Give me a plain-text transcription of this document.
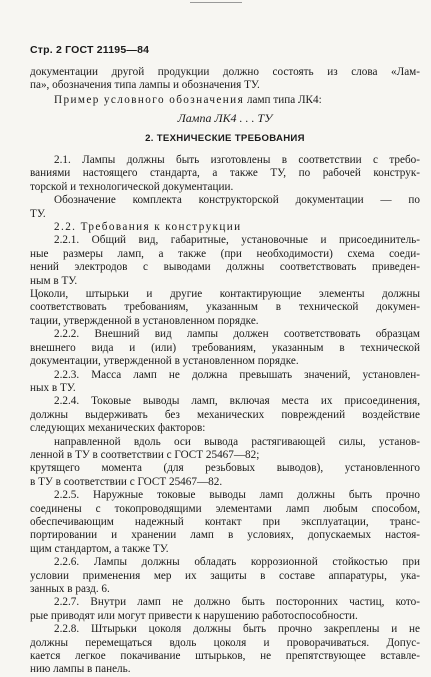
Стр. 2 ГОСТ 21195—84
документации другой продукции должно состоять из слова «Лам-
па», обозначения типа лампы и обозначения ТУ.
Пример условного обозначения ламп типа ЛК4:
Лампа ЛК4 . . . ТУ
2. ТЕХНИЧЕСКИЕ ТРЕБОВАНИЯ
2.1. Лампы должны быть изготовлены в соответствии с требо-
ваниями настоящего стандарта, а также ТУ, по рабочей конструк-
торской и технологической документации.
Обозначение комплекта конструкторской документации — по
ТУ.
2.2. Требования к конструкции
2.2.1. Общий вид, габаритные, установочные и присоединитель-
ные размеры ламп, а также (при необходимости) схема соеди-
нений электродов с выводами должны соответствовать приведен-
ным в ТУ.
Цоколи, штырьки и другие контактирующие элементы должны
соответствовать требованиям, указанным в технической докумен-
тации, утвержденной в установленном порядке.
2.2.2. Внешний вид лампы должен соответствовать образцам
внешнего вида и (или) требованиям, указанным в технической
документации, утвержденной в установленном порядке.
2.2.3. Масса ламп не должна превышать значений, установлен-
ных в ТУ.
2.2.4. Токовые выводы ламп, включая места их присоединения,
должны выдерживать без механических повреждений воздействие
следующих механических факторов:
направленной вдоль оси вывода растягивающей силы, установ-
ленной в ТУ в соответствии с ГОСТ 25467—82;
крутящего момента (для резьбовых выводов), установленного
в ТУ в соответствии с ГОСТ 25467—82.
2.2.5. Наружные токовые выводы ламп должны быть прочно
соединены с токопроводящими элементами ламп любым способом,
обеспечивающим надежный контакт при эксплуатации, транс-
портировании и хранении ламп в условиях, допускаемых настоя-
щим стандартом, а также ТУ.
2.2.6. Лампы должны обладать коррозионной стойкостью при
условии применения мер их защиты в составе аппаратуры, ука-
занных в разд. 6.
2.2.7. Внутри ламп не должно быть посторонних частиц, кото-
рые приводят или могут привести к нарушению работоспособности.
2.2.8. Штырьки цоколя должны быть прочно закреплены и не
должны перемещаться вдоль цоколя и проворачиваться. Допус-
кается легкое покачивание штырьков, не препятствующее вставле-
нию лампы в панель.
